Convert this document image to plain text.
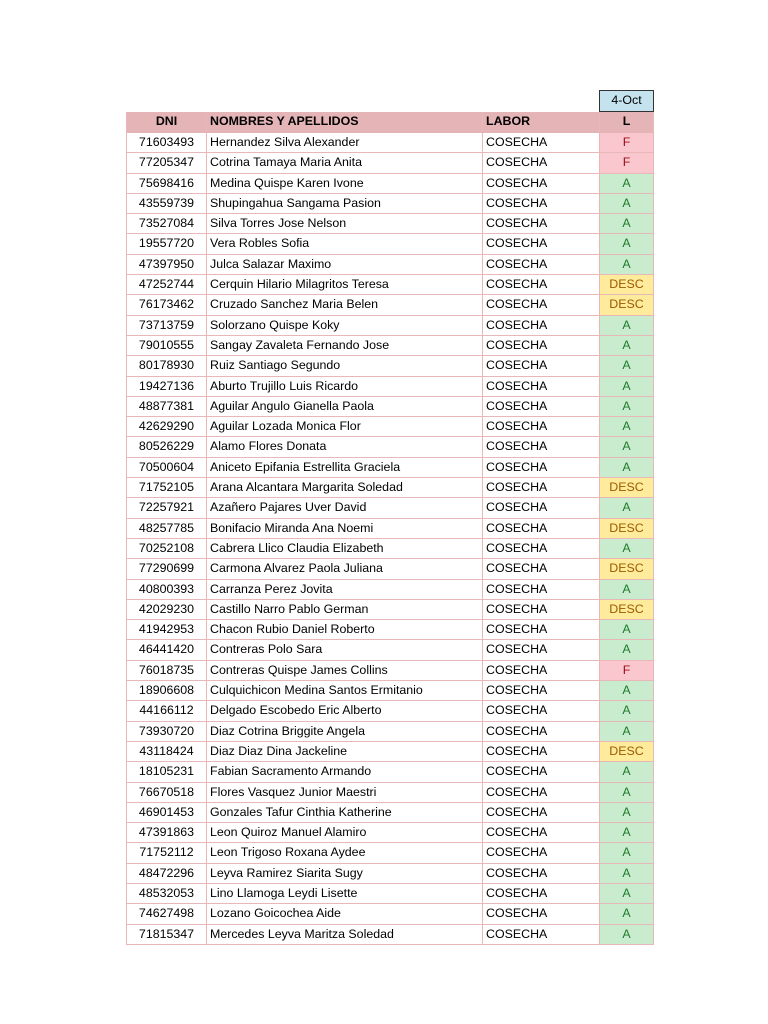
			4-Oct
DNI	NOMBRES Y APELLIDOS	LABOR	L
71603493	Hernandez Silva Alexander	COSECHA	F
77205347	Cotrina Tamaya Maria Anita	COSECHA	F
75698416	Medina Quispe Karen Ivone	COSECHA	A
43559739	Shupingahua Sangama Pasion	COSECHA	A
73527084	Silva Torres Jose Nelson	COSECHA	A
19557720	Vera Robles Sofia	COSECHA	A
47397950	Julca Salazar Maximo	COSECHA	A
47252744	Cerquin Hilario Milagritos Teresa	COSECHA	DESC
76173462	Cruzado Sanchez Maria Belen	COSECHA	DESC
73713759	Solorzano Quispe Koky	COSECHA	A
79010555	Sangay Zavaleta Fernando Jose	COSECHA	A
80178930	Ruiz Santiago Segundo	COSECHA	A
19427136	Aburto Trujillo Luis Ricardo	COSECHA	A
48877381	Aguilar Angulo Gianella Paola	COSECHA	A
42629290	Aguilar Lozada Monica Flor	COSECHA	A
80526229	Alamo Flores Donata	COSECHA	A
70500604	Aniceto Epifania Estrellita Graciela	COSECHA	A
71752105	Arana Alcantara Margarita Soledad	COSECHA	DESC
72257921	Azañero Pajares Uver David	COSECHA	A
48257785	Bonifacio Miranda Ana Noemi	COSECHA	DESC
70252108	Cabrera Llico Claudia Elizabeth	COSECHA	A
77290699	Carmona Alvarez Paola Juliana	COSECHA	DESC
40800393	Carranza Perez Jovita	COSECHA	A
42029230	Castillo Narro Pablo German	COSECHA	DESC
41942953	Chacon Rubio Daniel Roberto	COSECHA	A
46441420	Contreras Polo Sara	COSECHA	A
76018735	Contreras Quispe James Collins	COSECHA	F
18906608	Culquichicon Medina Santos Ermitanio	COSECHA	A
44166112	Delgado Escobedo Eric Alberto	COSECHA	A
73930720	Diaz Cotrina Briggite Angela	COSECHA	A
43118424	Diaz Diaz Dina Jackeline	COSECHA	DESC
18105231	Fabian Sacramento Armando	COSECHA	A
76670518	Flores Vasquez Junior Maestri	COSECHA	A
46901453	Gonzales Tafur Cinthia Katherine	COSECHA	A
47391863	Leon Quiroz Manuel Alamiro	COSECHA	A
71752112	Leon Trigoso Roxana Aydee	COSECHA	A
48472296	Leyva Ramirez Siarita Sugy	COSECHA	A
48532053	Lino Llamoga Leydi Lisette	COSECHA	A
74627498	Lozano Goicochea Aide	COSECHA	A
71815347	Mercedes Leyva Maritza Soledad	COSECHA	A
